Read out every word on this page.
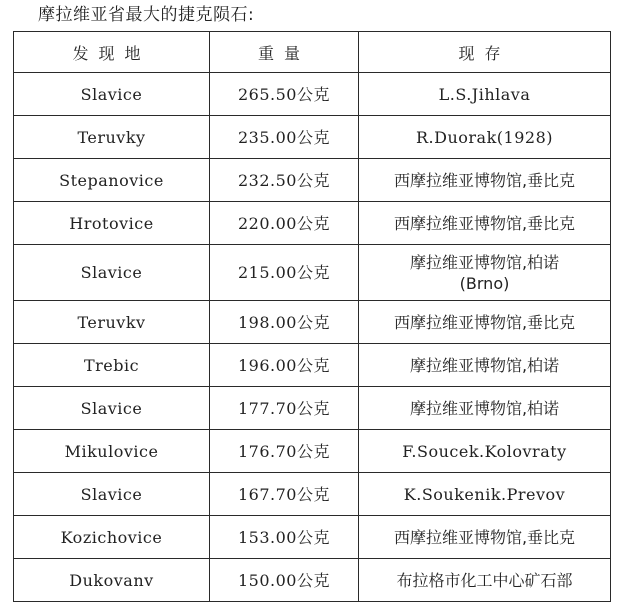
摩拉维亚省最大的捷克陨石:
发现地	重量	现存
Slavice	265.50公克	L.S.Jihlava
Teruvky	235.00公克	R.Duorak(1928)
Stepanovice	232.50公克	西摩拉维亚博物馆,垂比克
Hrotovice	220.00公克	西摩拉维亚博物馆,垂比克
Slavice	215.00公克	摩拉维亚博物馆,柏诺(Brno)
Teruvkv	198.00公克	西摩拉维亚博物馆,垂比克
Trebic	196.00公克	摩拉维亚博物馆,柏诺
Slavice	177.70公克	摩拉维亚博物馆,柏诺
Mikulovice	176.70公克	F.Soucek.Kolovraty
Slavice	167.70公克	K.Soukenik.Prevov
Kozichovice	153.00公克	西摩拉维亚博物馆,垂比克
Dukovanv	150.00公克	布拉格市化工中心矿石部
